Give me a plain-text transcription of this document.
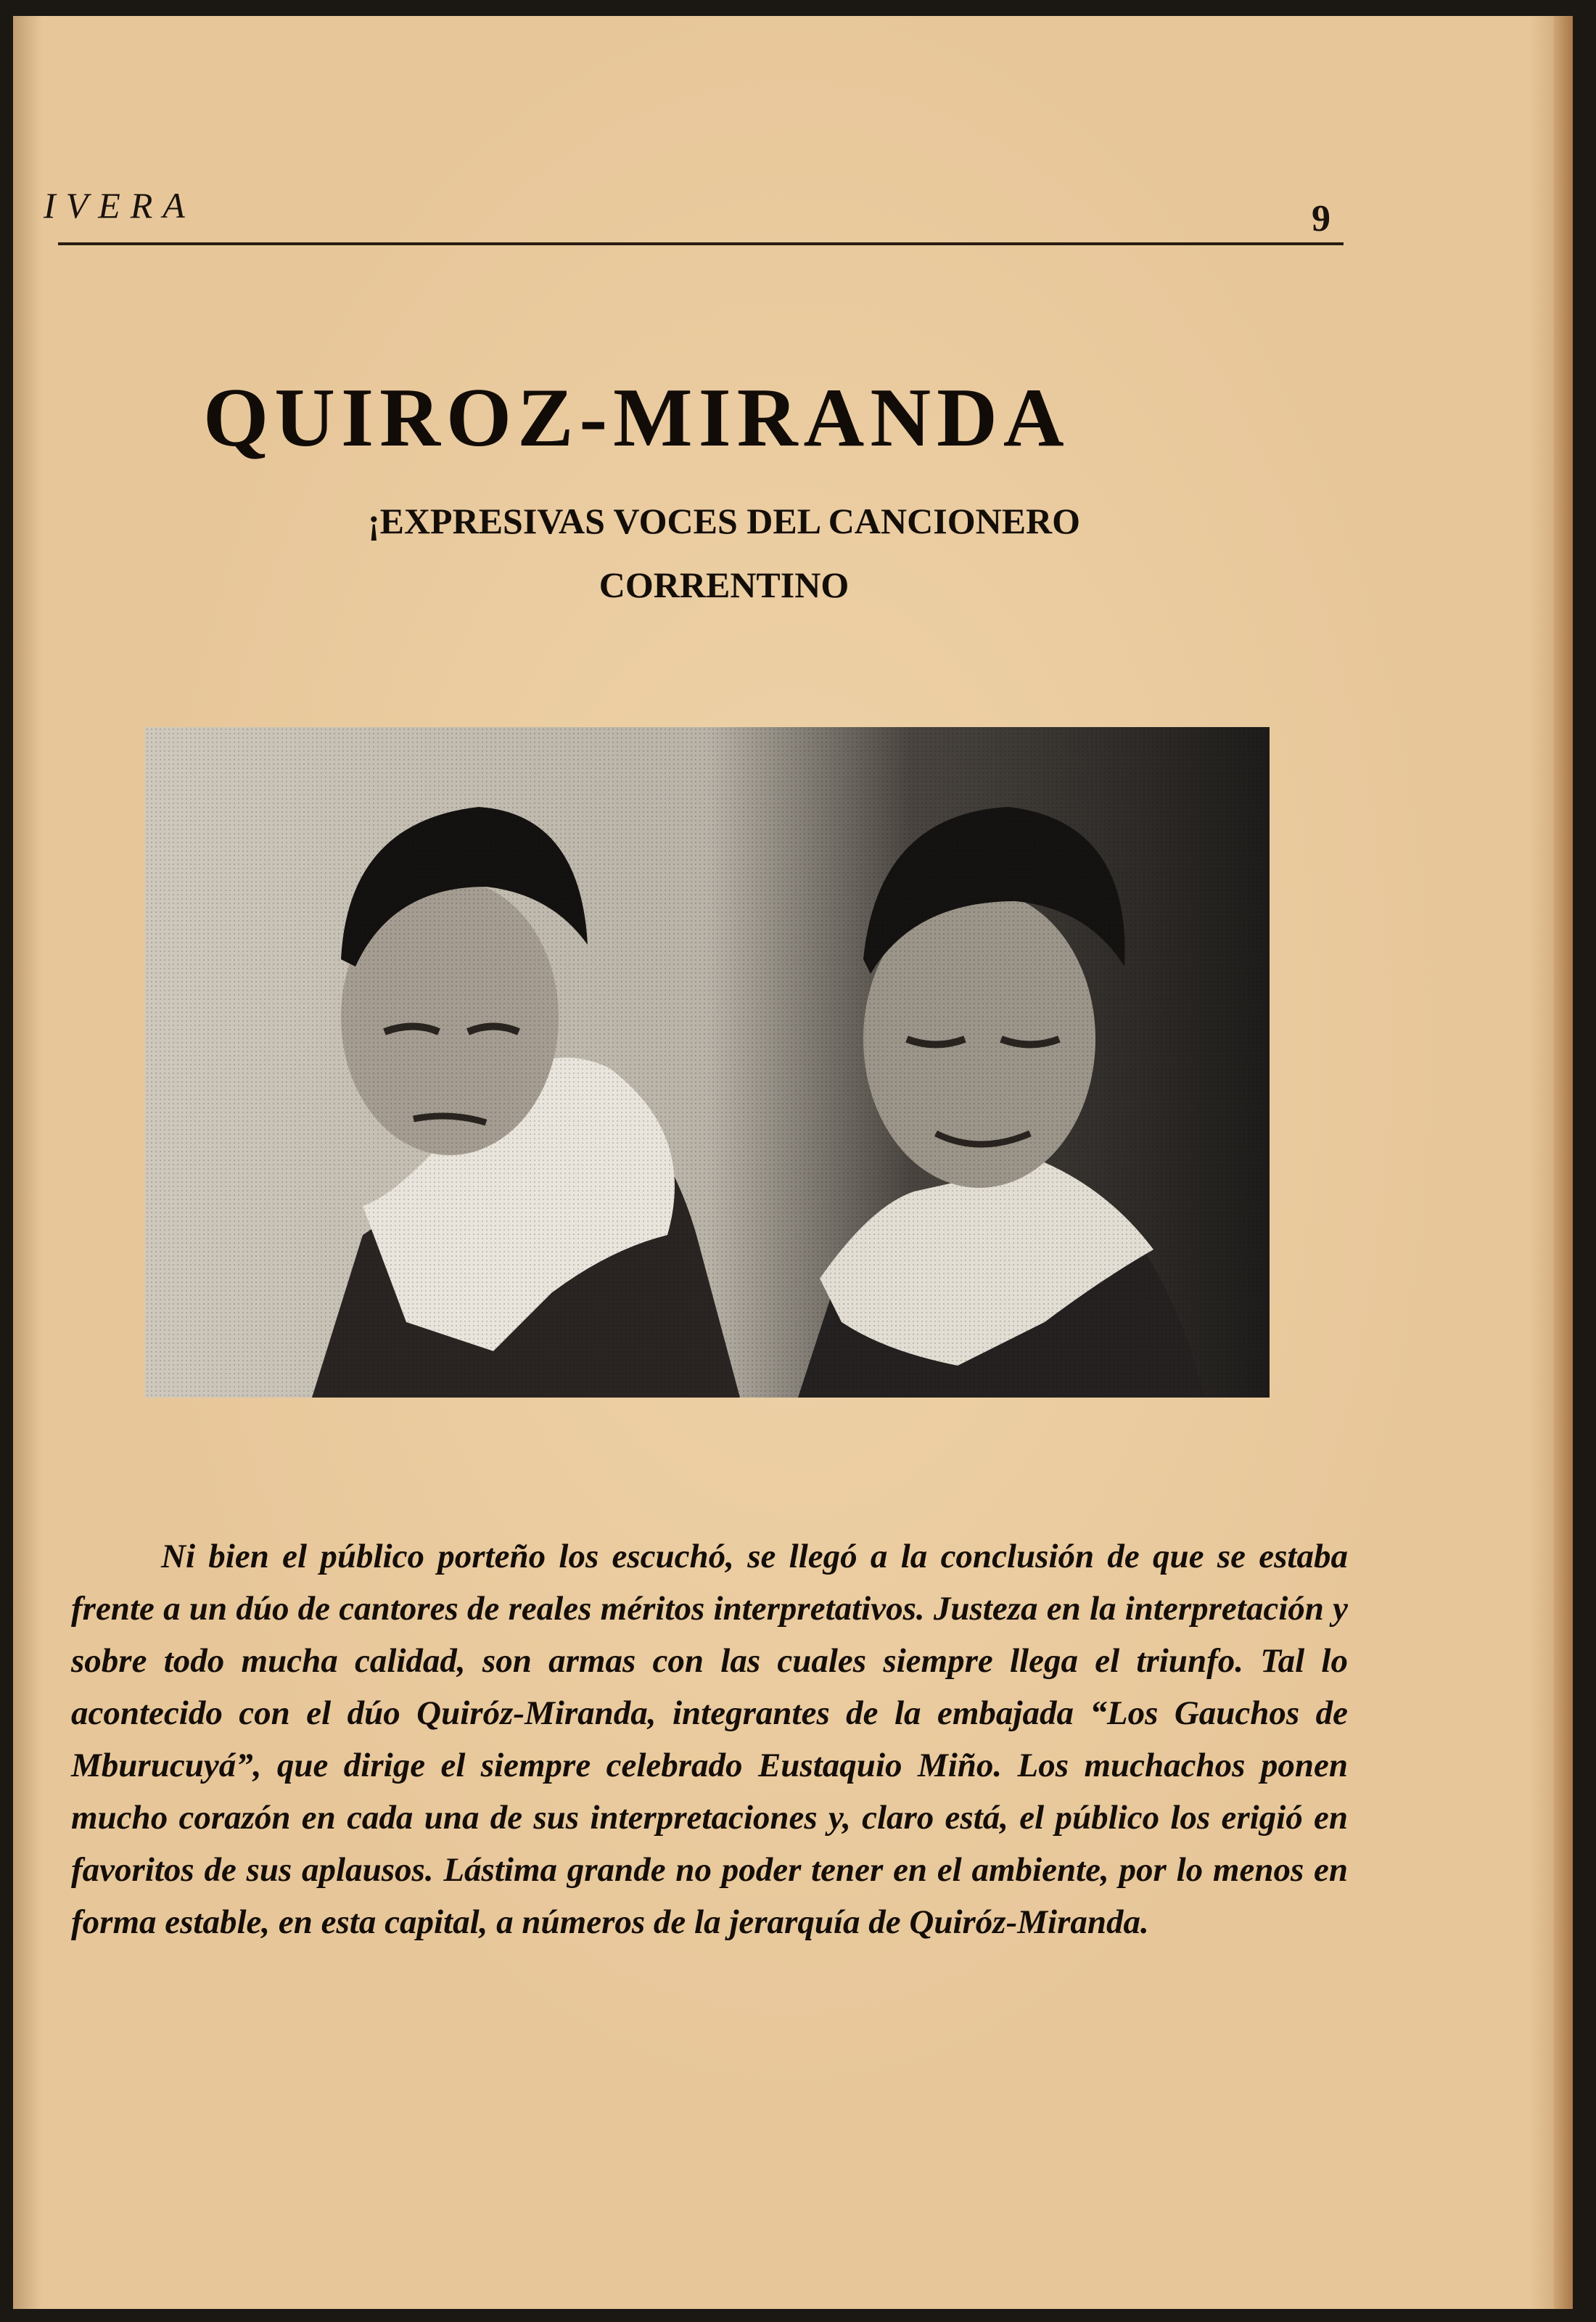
IVERA	9
QUIROZ-MIRANDA
¡EXPRESIVAS VOCES DEL CANCIONERO
CORRENTINO

Ni bien el público porteño los escuchó, se llegó a la conclusión de que se estaba frente a un dúo de cantores de reales méritos interpretativos. Justeza en la interpretación y sobre todo mucha calidad, son armas con las cuales siempre llega el triunfo. Tal lo acontecido con el dúo Quiróz-Miranda, integrantes de la embajada “Los Gauchos de Mburucuyá”, que dirige el siempre celebrado Eustaquio Miño. Los muchachos ponen mucho corazón en cada una de sus interpretaciones y, claro está, el público los erigió en favoritos de sus aplausos. Lástima grande no poder tener en el ambiente, por lo menos en forma estable, en esta capital, a números de la jerarquía de Quiróz-Miranda.
